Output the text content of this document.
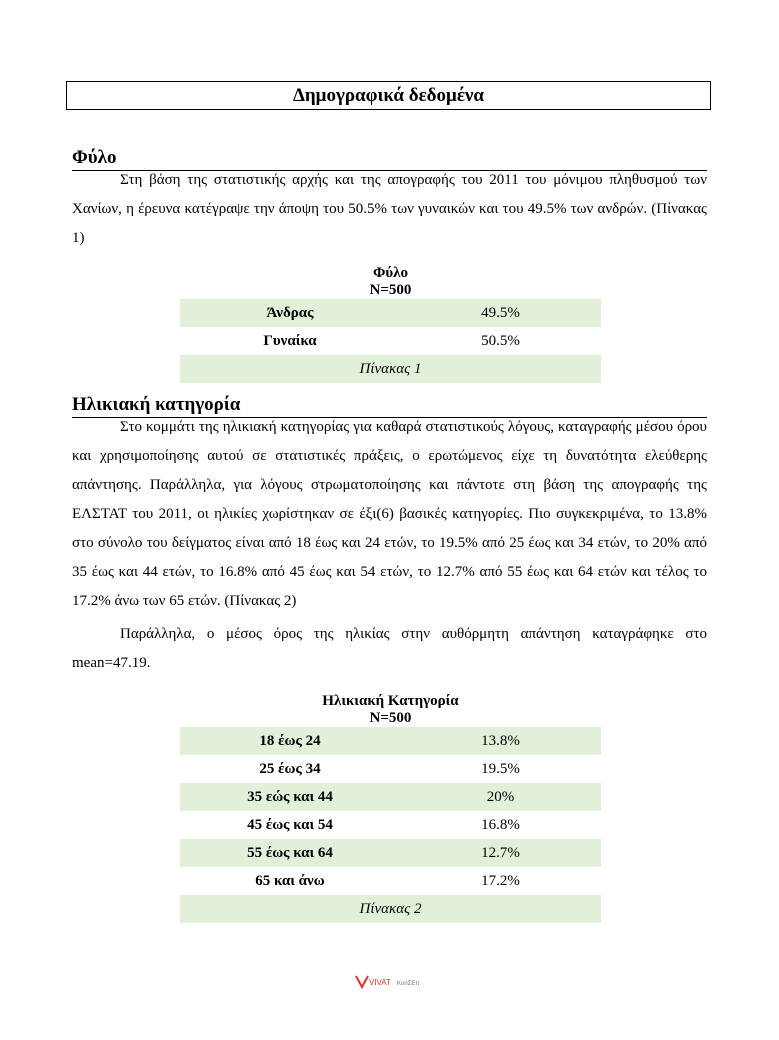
Δημογραφικά δεδομένα
Φύλο

Στη βάση της στατιστικής αρχής και της απογραφής του 2011 του μόνιμου πληθυσμού των Χανίων, η έρευνα κατέγραψε την άποψη του 50.5% των γυναικών και του 49.5% των ανδρών. (Πίνακας 1)

Φύλο
N=500
Άνδρας	49.5%
Γυναίκα	50.5%
Πίνακας 1
Ηλικιακή κατηγορία

Στο κομμάτι της ηλικιακή κατηγορίας για καθαρά στατιστικούς λόγους, καταγραφής μέσου όρου και χρησιμοποίησης αυτού σε στατιστικές πράξεις, ο ερωτώμενος είχε τη δυνατότητα ελεύθερης απάντησης. Παράλληλα, για λόγους στρωματοποίησης και πάντοτε στη βάση της απογραφής της ΕΛΣΤΑΤ του 2011, οι ηλικίες χωρίστηκαν σε έξι(6) βασικές κατηγορίες. Πιο συγκεκριμένα, το 13.8% στο σύνολο του δείγματος είναι από 18 έως και 24 ετών, το 19.5% από 25 έως και 34 ετών, το 20% από 35 έως και 44 ετών, το 16.8% από 45 έως και 54 ετών, το 12.7% από 55 έως και 64 ετών και τέλος το 17.2% άνω των 65 ετών. (Πίνακας 2)

Παράλληλα, ο μέσος όρος της ηλικίας στην αυθόρμητη απάντηση καταγράφηκε στο mean=47.19.

Ηλικιακή Κατηγορία
N=500
18 έως 24	13.8%
25 έως 34	19.5%
35 εώς και 44	20%
45 έως και 54	16.8%
55 έως και 64	12.7%
65 και άνω	17.2%
Πίνακας 2
VIVAT KonΣΕπ
